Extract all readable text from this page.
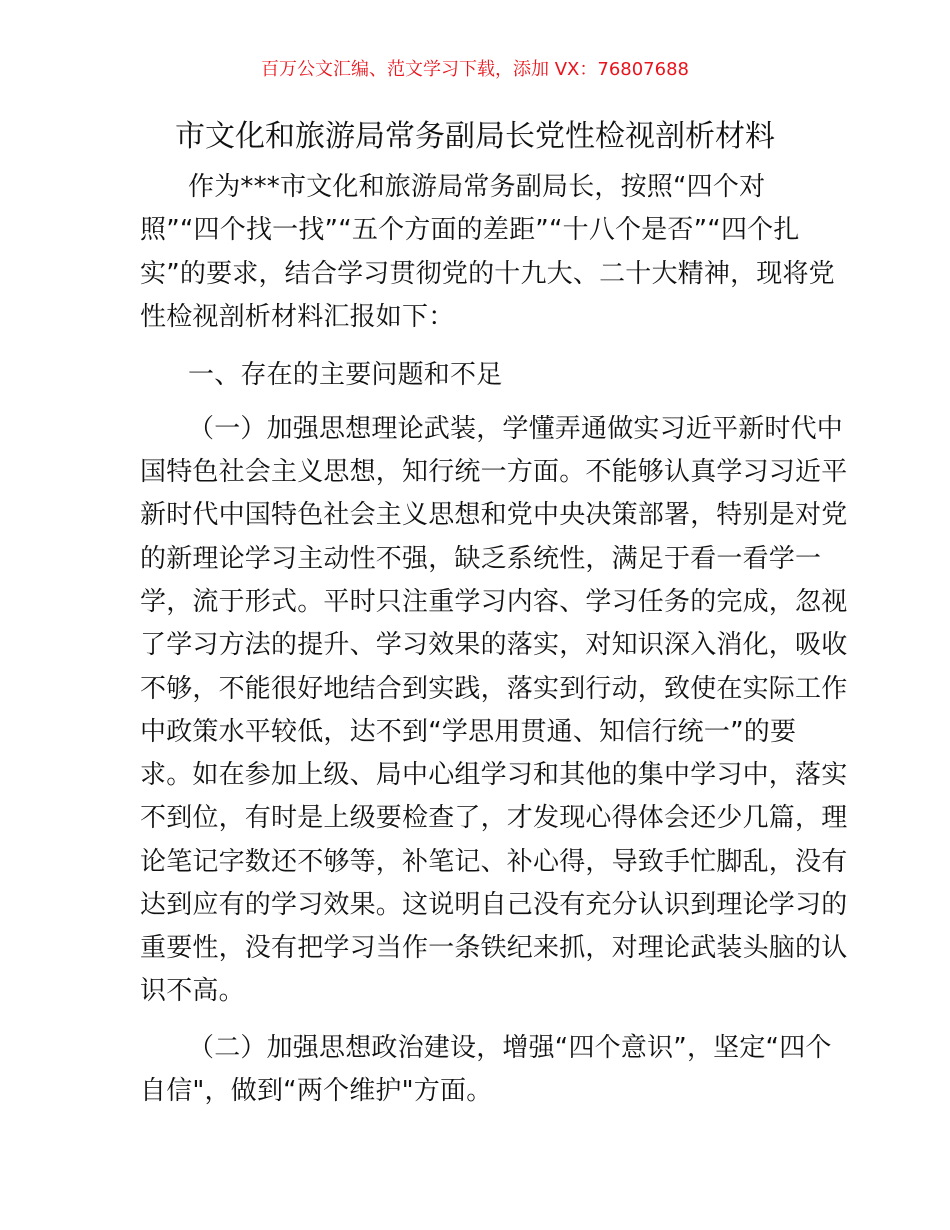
百万公文汇编、范文学习下载，添加 VX：76807688
市文化和旅游局常务副局长党性检视剖析材料

作为***市文化和旅游局常务副局长，按照“四个对

照”“四个找一找”“五个方面的差距”“十八个是否”“四个扎

实”的要求，结合学习贯彻党的十九大、二十大精神，现将党

性检视剖析材料汇报如下：

一、存在的主要问题和不足

（一）加强思想理论武装，学懂弄通做实习近平新时代中

国特色社会主义思想，知行统一方面。不能够认真学习习近平

新时代中国特色社会主义思想和党中央决策部署，特别是对党

的新理论学习主动性不强，缺乏系统性，满足于看一看学一

学，流于形式。平时只注重学习内容、学习任务的完成，忽视

了学习方法的提升、学习效果的落实，对知识深入消化，吸收

不够，不能很好地结合到实践，落实到行动，致使在实际工作

中政策水平较低，达不到“学思用贯通、知信行统一”的要

求。如在参加上级、局中心组学习和其他的集中学习中，落实

不到位，有时是上级要检查了，才发现心得体会还少几篇，理

论笔记字数还不够等，补笔记、补心得，导致手忙脚乱，没有

达到应有的学习效果。这说明自己没有充分认识到理论学习的

重要性，没有把学习当作一条铁纪来抓，对理论武装头脑的认

识不高。

（二）加强思想政治建设，增强“四个意识”，坚定“四个

自信"，做到“两个维护"方面。
